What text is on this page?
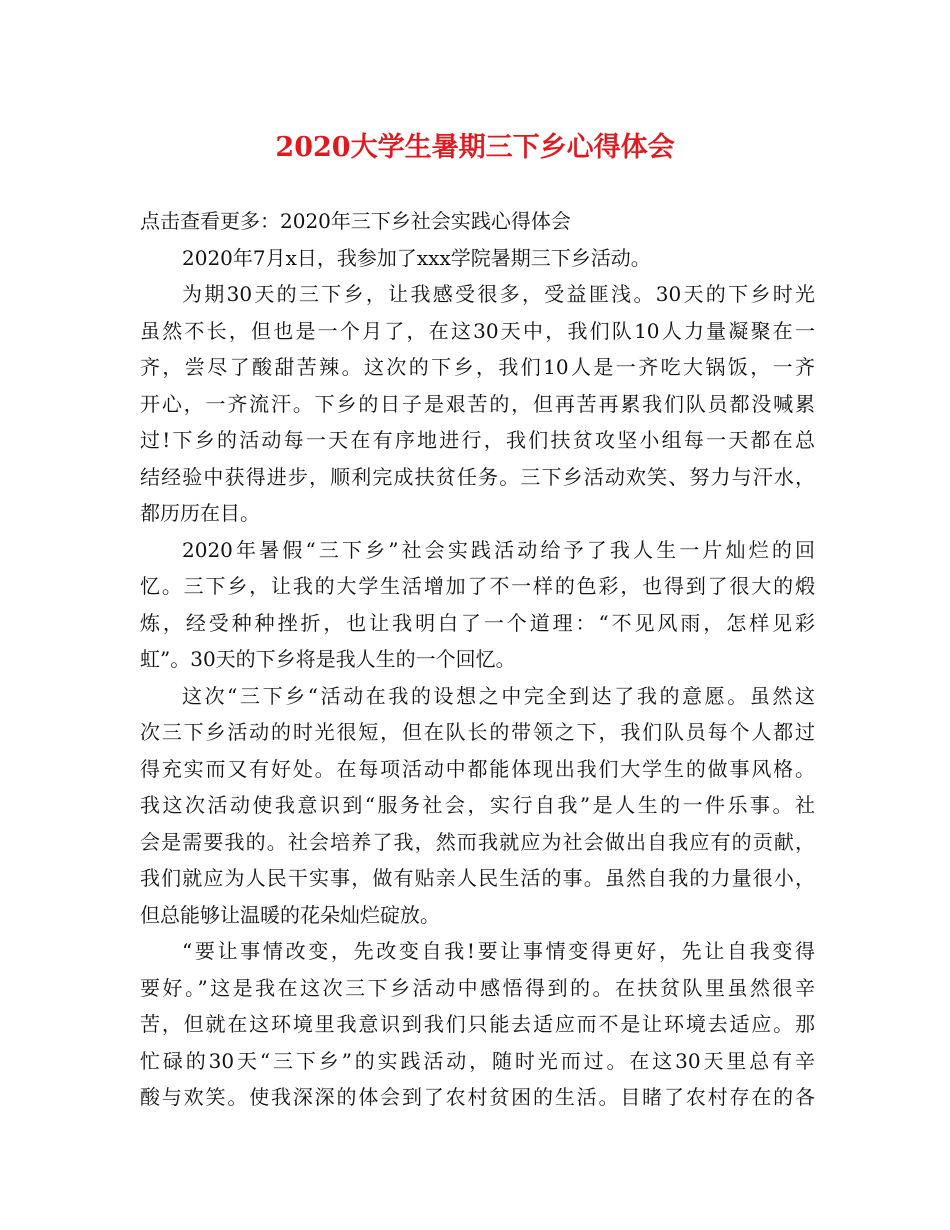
2020大学生暑期三下乡心得体会
点击查看更多：2020年三下乡社会实践心得体会
2020年7月x日，我参加了xxx学院暑期三下乡活动。
为期30天的三下乡，让我感受很多，受益匪浅。30天的下乡时光
虽然不长，但也是一个月了，在这30天中，我们队10人力量凝聚在一
齐，尝尽了酸甜苦辣。这次的下乡，我们10人是一齐吃大锅饭，一齐
开心，一齐流汗。下乡的日子是艰苦的，但再苦再累我们队员都没喊累
过!下乡的活动每一天在有序地进行，我们扶贫攻坚小组每一天都在总
结经验中获得进步，顺利完成扶贫任务。三下乡活动欢笑、努力与汗水，
都历历在目。
2020年暑假“三下乡”社会实践活动给予了我人生一片灿烂的回
忆。三下乡，让我的大学生活增加了不一样的色彩，也得到了很大的煅
炼，经受种种挫折，也让我明白了一个道理：“不见风雨，怎样见彩
虹”。30天的下乡将是我人生的一个回忆。
这次“三下乡“活动在我的设想之中完全到达了我的意愿。虽然这
次三下乡活动的时光很短，但在队长的带领之下，我们队员每个人都过
得充实而又有好处。在每项活动中都能体现出我们大学生的做事风格。
我这次活动使我意识到“服务社会，实行自我”是人生的一件乐事。社
会是需要我的。社会培养了我，然而我就应为社会做出自我应有的贡献，
我们就应为人民干实事，做有贴亲人民生活的事。虽然自我的力量很小，
但总能够让温暖的花朵灿烂碇放。
“要让事情改变，先改变自我!要让事情变得更好，先让自我变得
要好。”这是我在这次三下乡活动中感悟得到的。在扶贫队里虽然很辛
苦，但就在这环境里我意识到我们只能去适应而不是让环境去适应。那
忙碌的30天“三下乡”的实践活动，随时光而过。在这30天里总有辛
酸与欢笑。使我深深的体会到了农村贫困的生活。目睹了农村存在的各
